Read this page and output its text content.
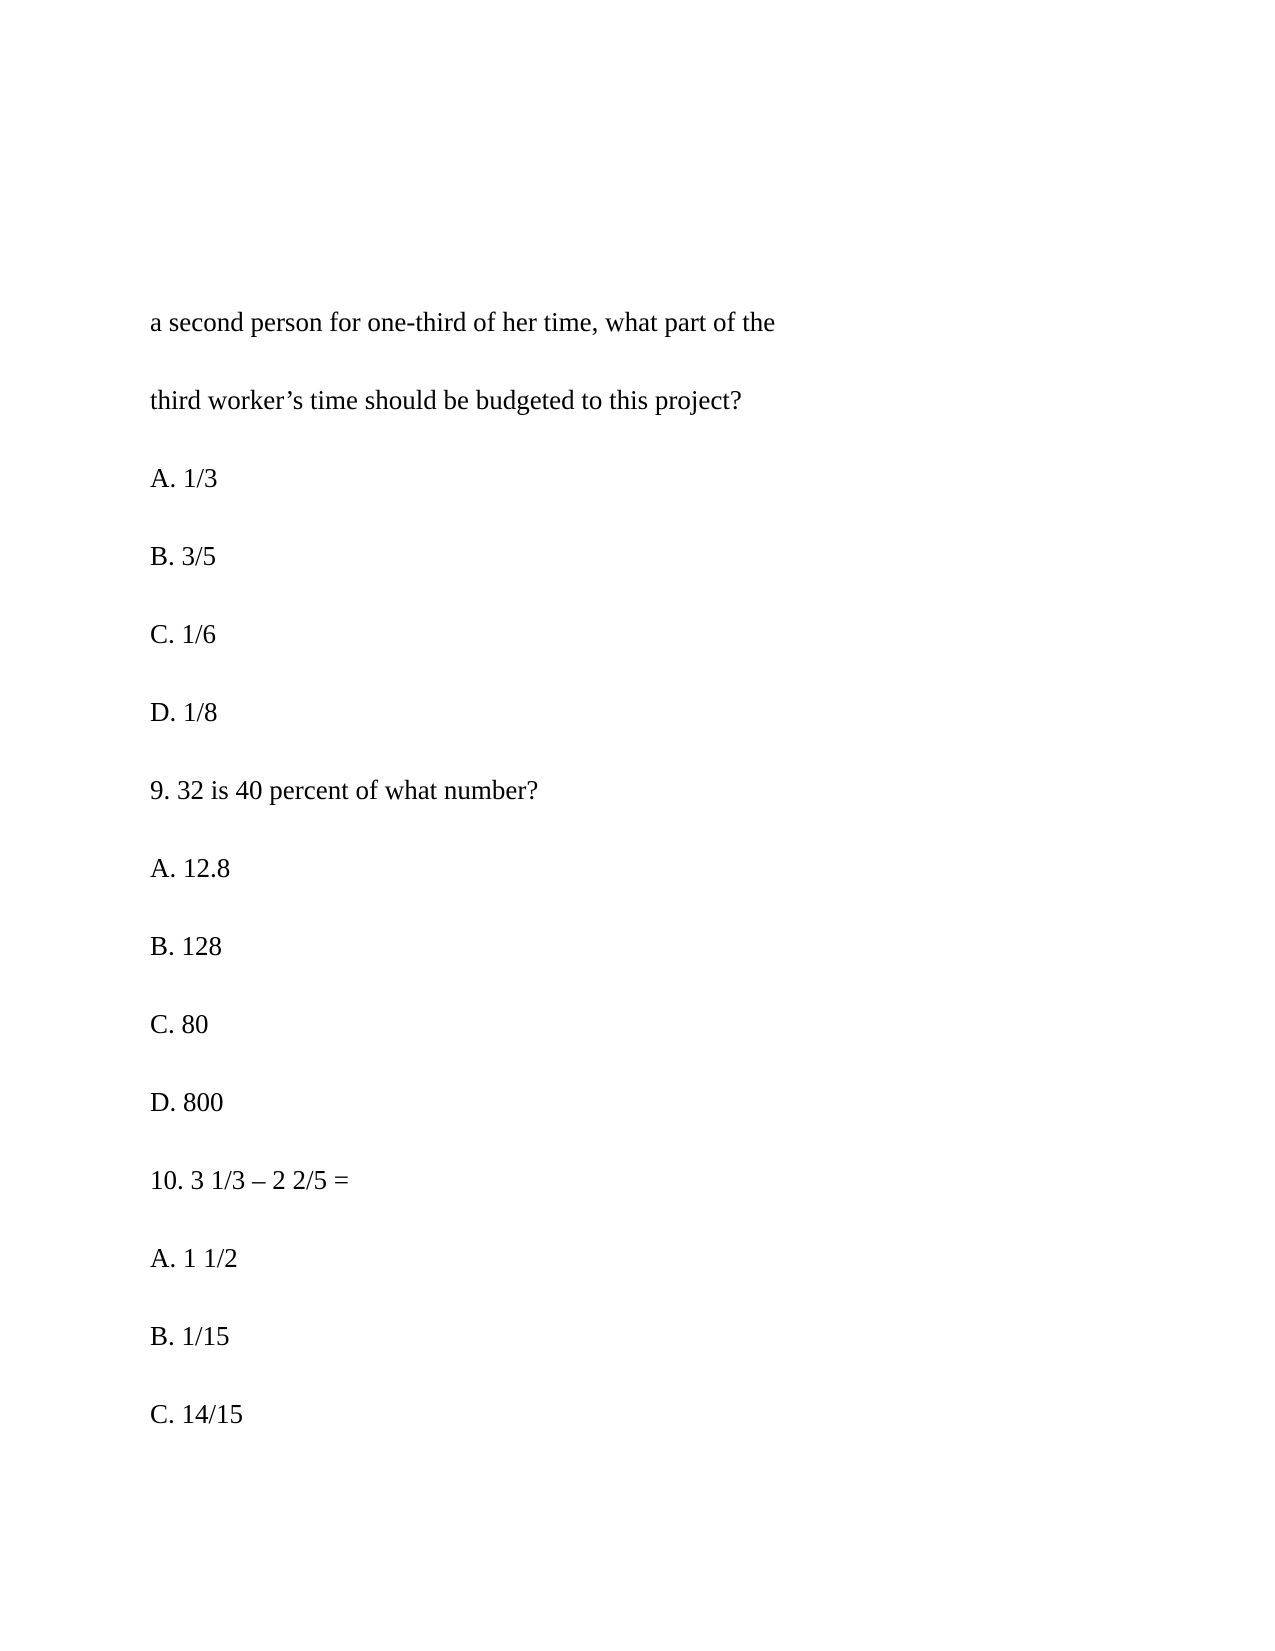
a second person for one-third of her time, what part of the

third worker’s time should be budgeted to this project?

A. 1/3

B. 3/5

C. 1/6

D. 1/8

9. 32 is 40 percent of what number?

A. 12.8

B. 128

C. 80

D. 800

10. 3 1/3 – 2 2/5 =

A. 1 1/2

B. 1/15

C. 14/15
